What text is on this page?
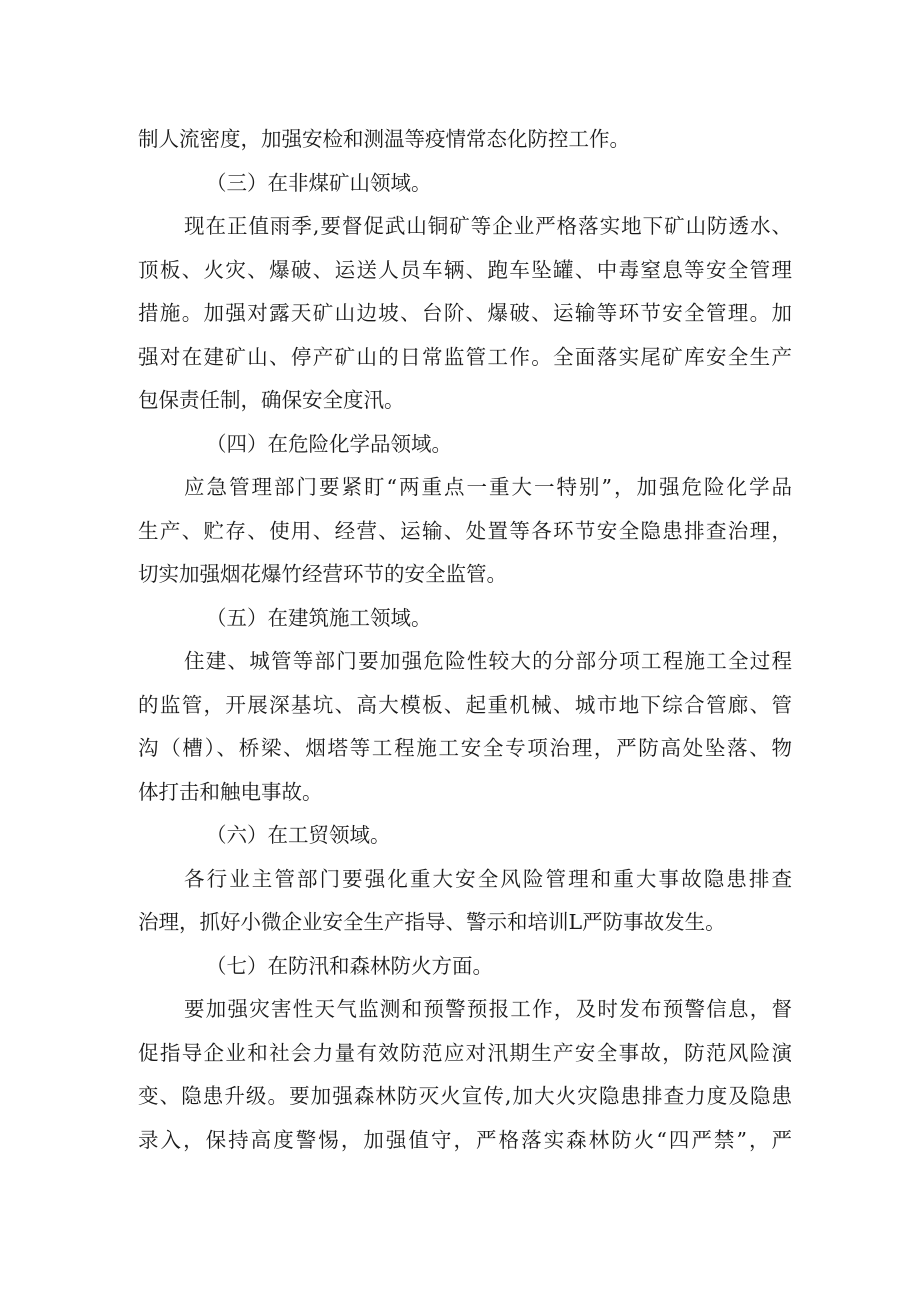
制人流密度，加强安检和测温等疫情常态化防控工作。
（三）在非煤矿山领域。
现在正值雨季,要督促武山铜矿等企业严格落实地下矿山防透水、
顶板、火灾、爆破、运送人员车辆、跑车坠罐、中毒窒息等安全管理
措施。加强对露天矿山边坡、台阶、爆破、运输等环节安全管理。加
强对在建矿山、停产矿山的日常监管工作。全面落实尾矿库安全生产
包保责任制，确保安全度汛。
（四）在危险化学品领域。
应急管理部门要紧盯“两重点一重大一特别”，加强危险化学品
生产、贮存、使用、经营、运输、处置等各环节安全隐患排查治理，
切实加强烟花爆竹经营环节的安全监管。
（五）在建筑施工领域。
住建、城管等部门要加强危险性较大的分部分项工程施工全过程
的监管，开展深基坑、高大模板、起重机械、城市地下综合管廊、管
沟（槽）、桥梁、烟塔等工程施工安全专项治理，严防高处坠落、物
体打击和触电事故。
（六）在工贸领域。
各行业主管部门要强化重大安全风险管理和重大事故隐患排查
治理，抓好小微企业安全生产指导、警示和培训L严防事故发生。
（七）在防汛和森林防火方面。
要加强灾害性天气监测和预警预报工作，及时发布预警信息，督
促指导企业和社会力量有效防范应对汛期生产安全事故，防范风险演
变、隐患升级。要加强森林防灭火宣传,加大火灾隐患排查力度及隐患
录入，保持高度警惕，加强值守，严格落实森林防火“四严禁”，严
